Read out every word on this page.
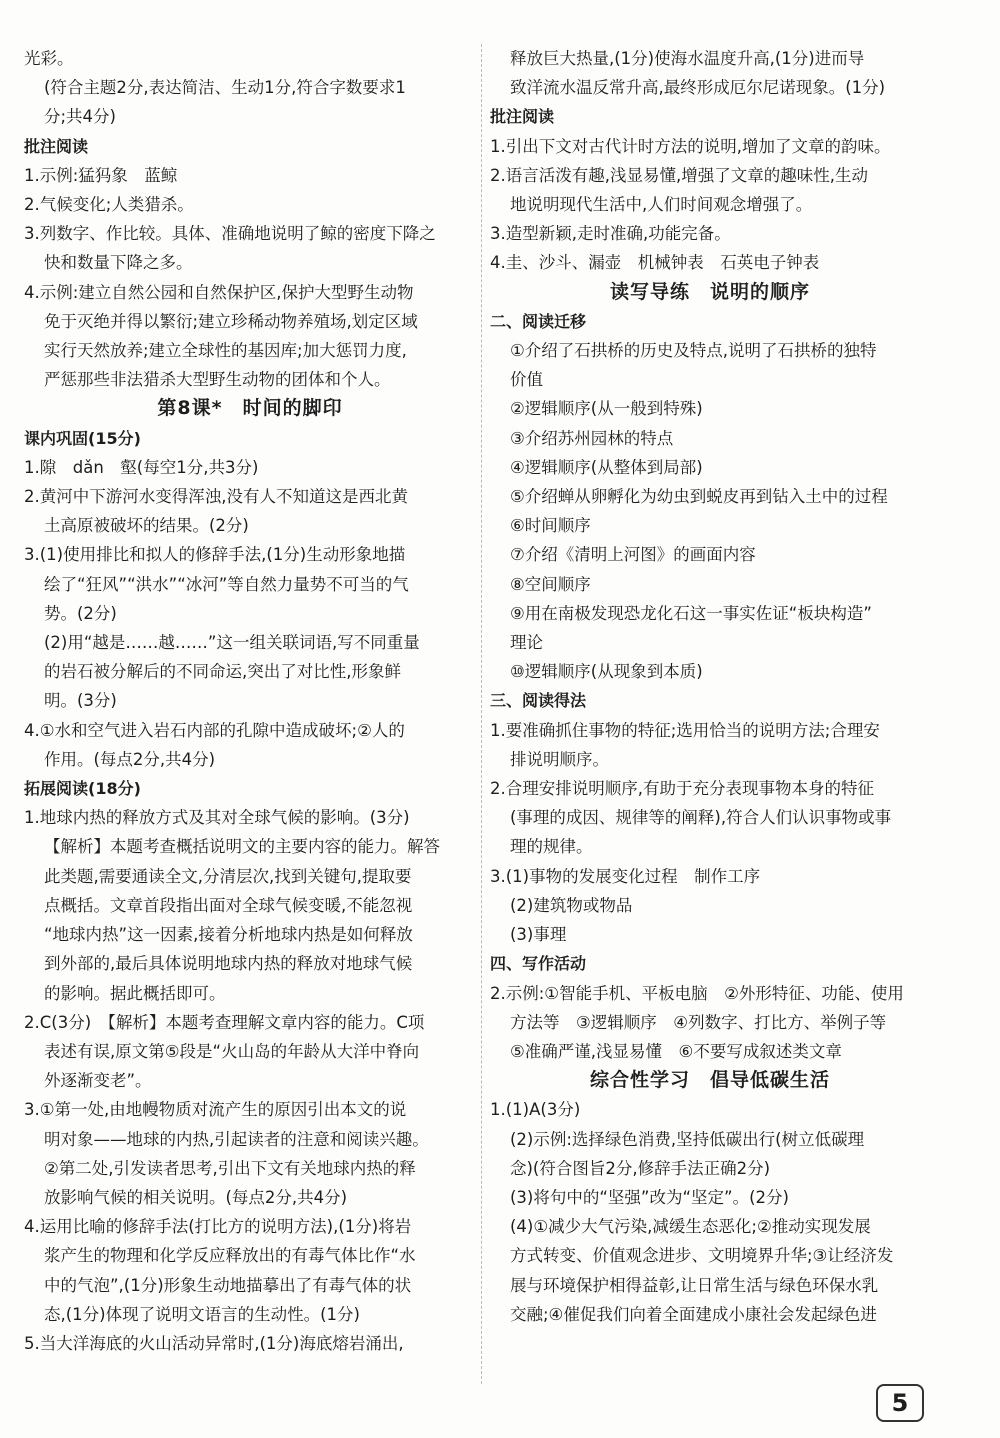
光彩。
(符合主题2分,表达简洁、生动1分,符合字数要求1
分;共4分)
批注阅读
1.示例:猛犸象　蓝鲸
2.气候变化;人类猎杀。
3.列数字、作比较。具体、准确地说明了鲸的密度下降之
快和数量下降之多。
4.示例:建立自然公园和自然保护区,保护大型野生动物
免于灭绝并得以繁衍;建立珍稀动物养殖场,划定区域
实行天然放养;建立全球性的基因库;加大惩罚力度,
严惩那些非法猎杀大型野生动物的团体和个人。
第8课*　时间的脚印
课内巩固(15分)
1.隙　dǎn　壑(每空1分,共3分)
2.黄河中下游河水变得浑浊,没有人不知道这是西北黄
土高原被破坏的结果。(2分)
3.(1)使用排比和拟人的修辞手法,(1分)生动形象地描
绘了“狂风”“洪水”“冰河”等自然力量势不可当的气
势。(2分)
(2)用“越是……越……”这一组关联词语,写不同重量
的岩石被分解后的不同命运,突出了对比性,形象鲜
明。(3分)
4.①水和空气进入岩石内部的孔隙中造成破坏;②人的
作用。(每点2分,共4分)
拓展阅读(18分)
1.地球内热的释放方式及其对全球气候的影响。(3分)
【解析】本题考查概括说明文的主要内容的能力。解答
此类题,需要通读全文,分清层次,找到关键句,提取要
点概括。文章首段指出面对全球气候变暖,不能忽视
“地球内热”这一因素,接着分析地球内热是如何释放
到外部的,最后具体说明地球内热的释放对地球气候
的影响。据此概括即可。
2.C(3分)　【解析】本题考查理解文章内容的能力。C项
表述有误,原文第⑤段是“火山岛的年龄从大洋中脊向
外逐渐变老”。
3.①第一处,由地幔物质对流产生的原因引出本文的说
明对象——地球的内热,引起读者的注意和阅读兴趣。
②第二处,引发读者思考,引出下文有关地球内热的释
放影响气候的相关说明。(每点2分,共4分)
4.运用比喻的修辞手法(打比方的说明方法),(1分)将岩
浆产生的物理和化学反应释放出的有毒气体比作“水
中的气泡”,(1分)形象生动地描摹出了有毒气体的状
态,(1分)体现了说明文语言的生动性。(1分)
5.当大洋海底的火山活动异常时,(1分)海底熔岩涌出,
释放巨大热量,(1分)使海水温度升高,(1分)进而导
致洋流水温反常升高,最终形成厄尔尼诺现象。(1分)
批注阅读
1.引出下文对古代计时方法的说明,增加了文章的韵味。
2.语言活泼有趣,浅显易懂,增强了文章的趣味性,生动
地说明现代生活中,人们时间观念增强了。
3.造型新颖,走时准确,功能完备。
4.圭、沙斗、漏壶　机械钟表　石英电子钟表
读写导练　说明的顺序
二、阅读迁移
①介绍了石拱桥的历史及特点,说明了石拱桥的独特
价值
②逻辑顺序(从一般到特殊)
③介绍苏州园林的特点
④逻辑顺序(从整体到局部)
⑤介绍蝉从卵孵化为幼虫到蜕皮再到钻入土中的过程
⑥时间顺序
⑦介绍《清明上河图》的画面内容
⑧空间顺序
⑨用在南极发现恐龙化石这一事实佐证“板块构造”
理论
⑩逻辑顺序(从现象到本质)
三、阅读得法
1.要准确抓住事物的特征;选用恰当的说明方法;合理安
排说明顺序。
2.合理安排说明顺序,有助于充分表现事物本身的特征
(事理的成因、规律等的阐释),符合人们认识事物或事
理的规律。
3.(1)事物的发展变化过程　制作工序
(2)建筑物或物品
(3)事理
四、写作活动
2.示例:①智能手机、平板电脑　②外形特征、功能、使用
方法等　③逻辑顺序　④列数字、打比方、举例子等
⑤准确严谨,浅显易懂　⑥不要写成叙述类文章
综合性学习　倡导低碳生活
1.(1)A(3分)
(2)示例:选择绿色消费,坚持低碳出行(树立低碳理
念)(符合图旨2分,修辞手法正确2分)
(3)将句中的“坚强”改为“坚定”。(2分)
(4)①减少大气污染,减缓生态恶化;②推动实现发展
方式转变、价值观念进步、文明境界升华;③让经济发
展与环境保护相得益彰,让日常生活与绿色环保水乳
交融;④催促我们向着全面建成小康社会发起绿色进
5
